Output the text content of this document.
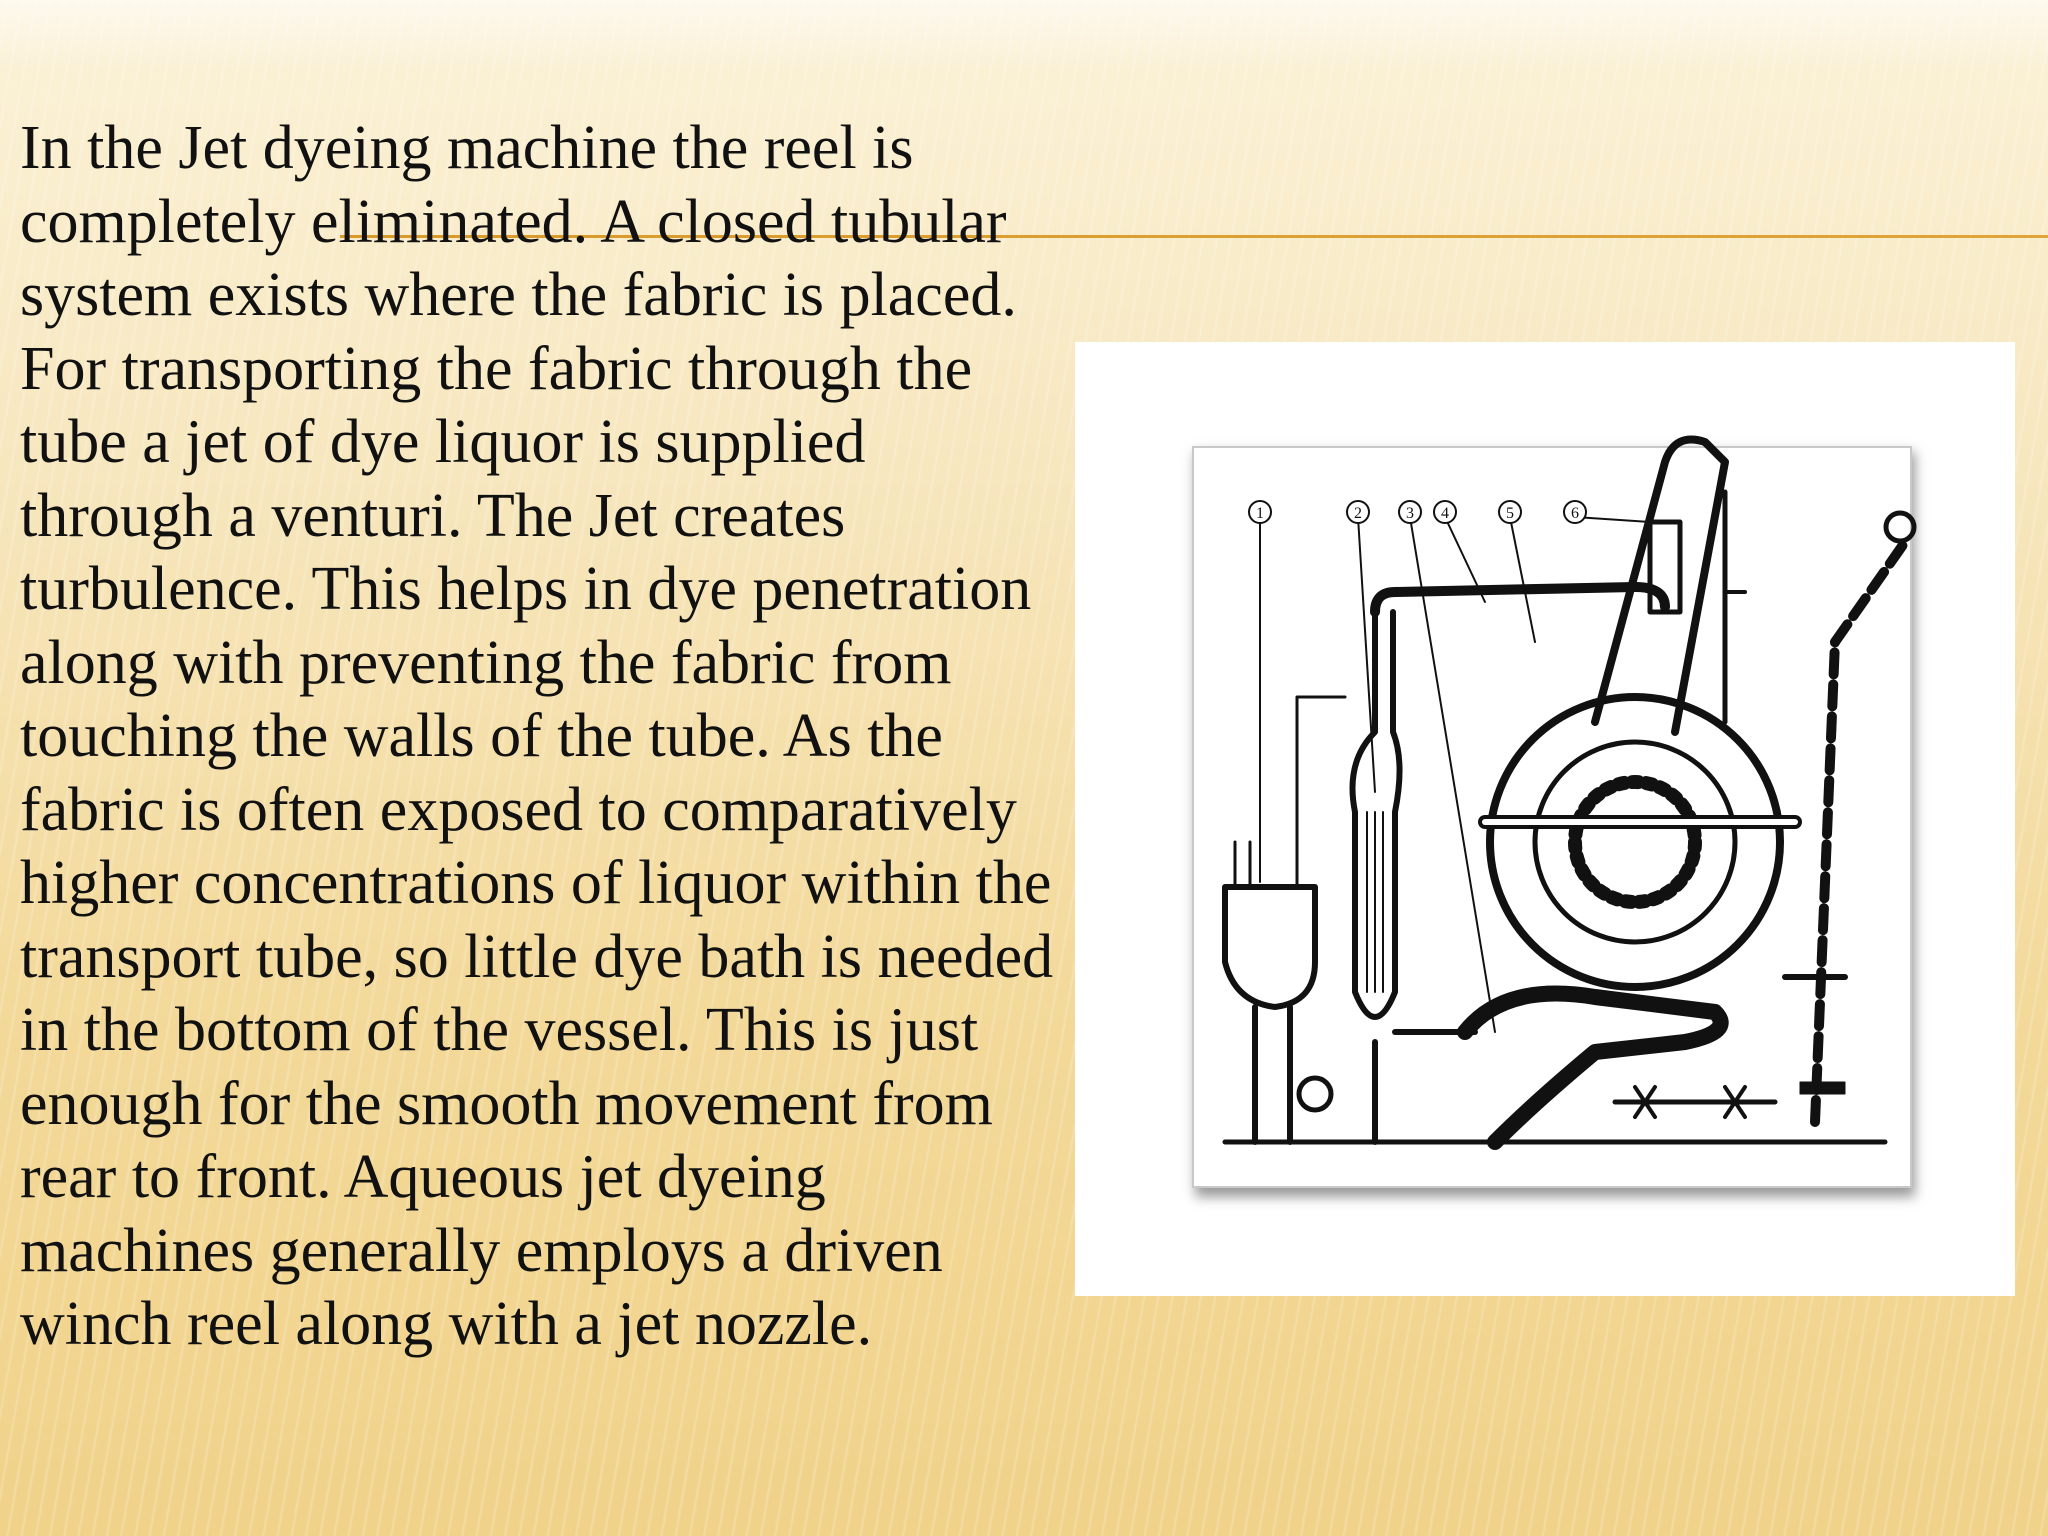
In the Jet dyeing machine the reel is completely eliminated. A closed tubular system exists where the fabric is placed. For transporting the fabric through the tube a jet of dye liquor is supplied through a venturi. The Jet creates turbulence. This helps in dye penetration along with preventing the fabric from touching the walls of the tube. As the fabric is often exposed to comparatively higher concentrations of liquor within the transport tube, so little dye bath is needed in the bottom of the vessel. This is just enough for the smooth movement from rear to front. Aqueous jet dyeing machines generally employs a driven winch reel along with a jet nozzle.

1	2	3 4	5	6
